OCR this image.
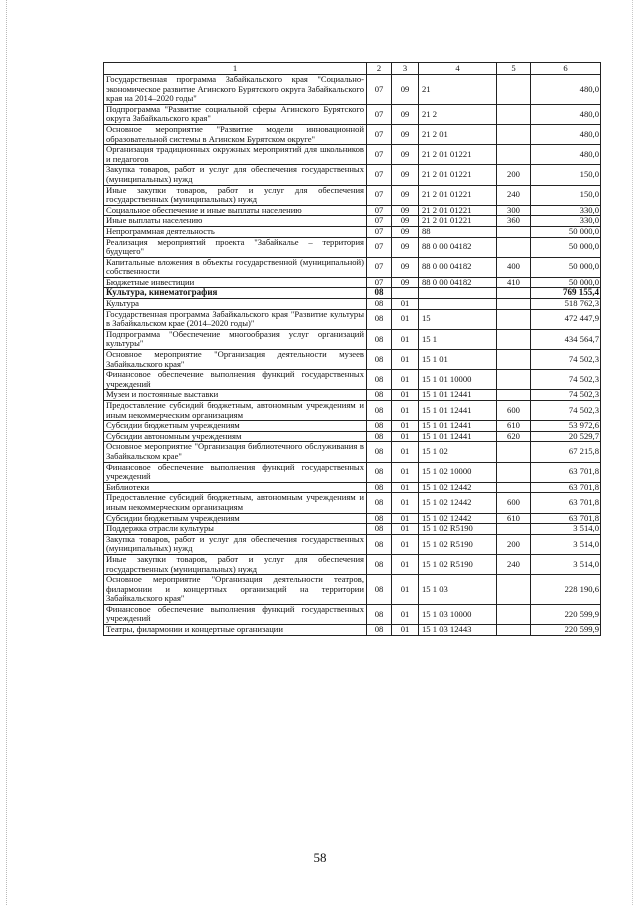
1	2	3	4	5	6
Государственная программа Забайкальского края "Социально-экономическое развитие Агинского Бурятского округа Забайкальского края на 2014–2020 годы"	07	09	21		480,0
Подпрограмма "Развитие социальной сферы Агинского Бурятского округа Забайкальского края"	07	09	21 2		480,0
Основное мероприятие "Развитие модели инновационной образовательной системы в Агинском Бурятском округе"	07	09	21 2 01		480,0
Организация традиционных окружных мероприятий для школьников и педагогов	07	09	21 2 01 01221		480,0
Закупка товаров, работ и услуг для обеспечения государственных (муниципальных) нужд	07	09	21 2 01 01221	200	150,0
Иные закупки товаров, работ и услуг для обеспечения государственных (муниципальных) нужд	07	09	21 2 01 01221	240	150,0
Социальное обеспечение и иные выплаты населению	07	09	21 2 01 01221	300	330,0
Иные выплаты населению	07	09	21 2 01 01221	360	330,0
Непрограммная деятельность	07	09	88		50 000,0
Реализация мероприятий проекта "Забайкалье – территория будущего"	07	09	88 0 00 04182		50 000,0
Капитальные вложения в объекты государственной (муниципальной) собственности	07	09	88 0 00 04182	400	50 000,0
Бюджетные инвестиции	07	09	88 0 00 04182	410	50 000,0
Культура, кинематография	08				769 155,4
Культура	08	01			518 762,3
Государственная программа Забайкальского края "Развитие культуры в Забайкальском крае (2014–2020 годы)"	08	01	15		472 447,9
Подпрограмма "Обеспечение многообразия услуг организаций культуры"	08	01	15 1		434 564,7
Основное мероприятие "Организация деятельности музеев Забайкальского края"	08	01	15 1 01		74 502,3
Финансовое обеспечение выполнения функций государственных учреждений	08	01	15 1 01 10000		74 502,3
Музеи и постоянные выставки	08	01	15 1 01 12441		74 502,3
Предоставление субсидий бюджетным, автономным учреждениям и иным некоммерческим организациям	08	01	15 1 01 12441	600	74 502,3
Субсидии бюджетным учреждениям	08	01	15 1 01 12441	610	53 972,6
Субсидии автономным учреждениям	08	01	15 1 01 12441	620	20 529,7
Основное мероприятие "Организация библиотечного обслуживания в Забайкальском крае"	08	01	15 1 02		67 215,8
Финансовое обеспечение выполнения функций государственных учреждений	08	01	15 1 02 10000		63 701,8
Библиотеки	08	01	15 1 02 12442		63 701,8
Предоставление субсидий бюджетным, автономным учреждениям и иным некоммерческим организациям	08	01	15 1 02 12442	600	63 701,8
Субсидии бюджетным учреждениям	08	01	15 1 02 12442	610	63 701,8
Поддержка отрасли культуры	08	01	15 1 02 R5190		3 514,0
Закупка товаров, работ и услуг для обеспечения государственных (муниципальных) нужд	08	01	15 1 02 R5190	200	3 514,0
Иные закупки товаров, работ и услуг для обеспечения государственных (муниципальных) нужд	08	01	15 1 02 R5190	240	3 514,0
Основное мероприятие "Организация деятельности театров, филармонии и концертных организаций на территории Забайкальского края"	08	01	15 1 03		228 190,6
Финансовое обеспечение выполнения функций государственных учреждений	08	01	15 1 03 10000		220 599,9
Театры, филармонии и концертные организации	08	01	15 1 03 12443		220 599,9
58
